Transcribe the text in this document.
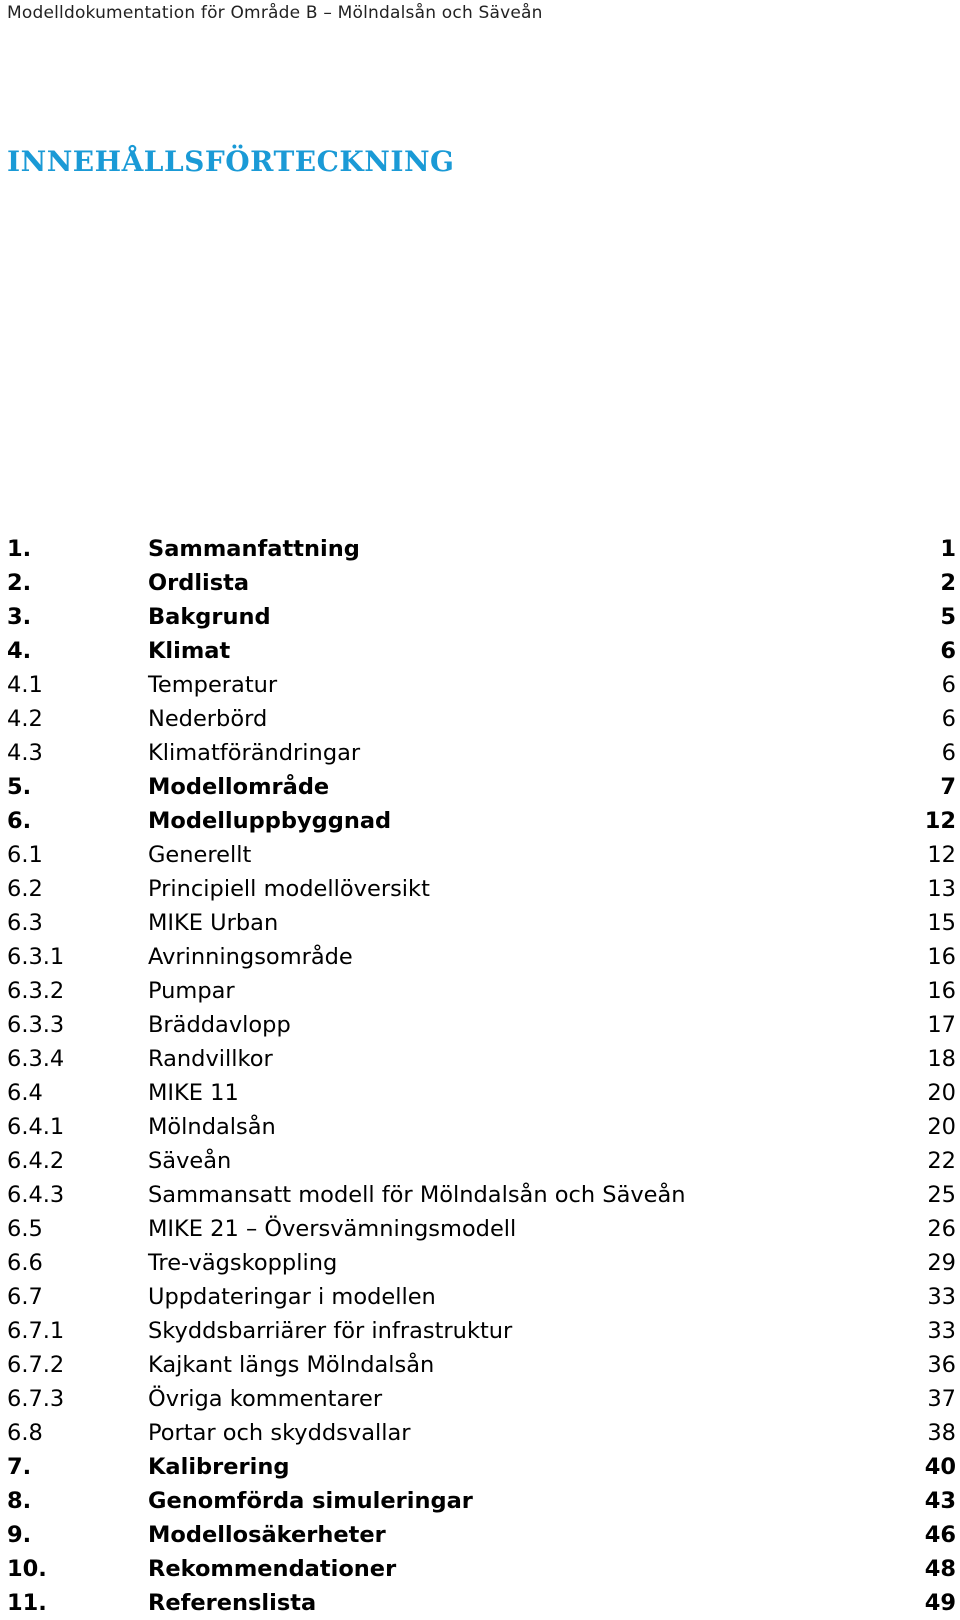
Modelldokumentation för Område B – Mölndalsån och Säveån
INNEHÅLLSFÖRTECKNING
1.	Sammanfattning	1
2.	Ordlista	2
3.	Bakgrund	5
4.	Klimat	6
4.1	Temperatur	6
4.2	Nederbörd	6
4.3	Klimatförändringar	6
5.	Modellområde	7
6.	Modelluppbyggnad	12
6.1	Generellt	12
6.2	Principiell modellöversikt	13
6.3	MIKE Urban	15
6.3.1	Avrinningsområde	16
6.3.2	Pumpar	16
6.3.3	Bräddavlopp	17
6.3.4	Randvillkor	18
6.4	MIKE 11	20
6.4.1	Mölndalsån	20
6.4.2	Säveån	22
6.4.3	Sammansatt modell för Mölndalsån och Säveån	25
6.5	MIKE 21 – Översvämningsmodell	26
6.6	Tre-vägskoppling	29
6.7	Uppdateringar i modellen	33
6.7.1	Skyddsbarriärer för infrastruktur	33
6.7.2	Kajkant längs Mölndalsån	36
6.7.3	Övriga kommentarer	37
6.8	Portar och skyddsvallar	38
7.	Kalibrering	40
8.	Genomförda simuleringar	43
9.	Modellosäkerheter	46
10.	Rekommendationer	48
11.	Referenslista	49
